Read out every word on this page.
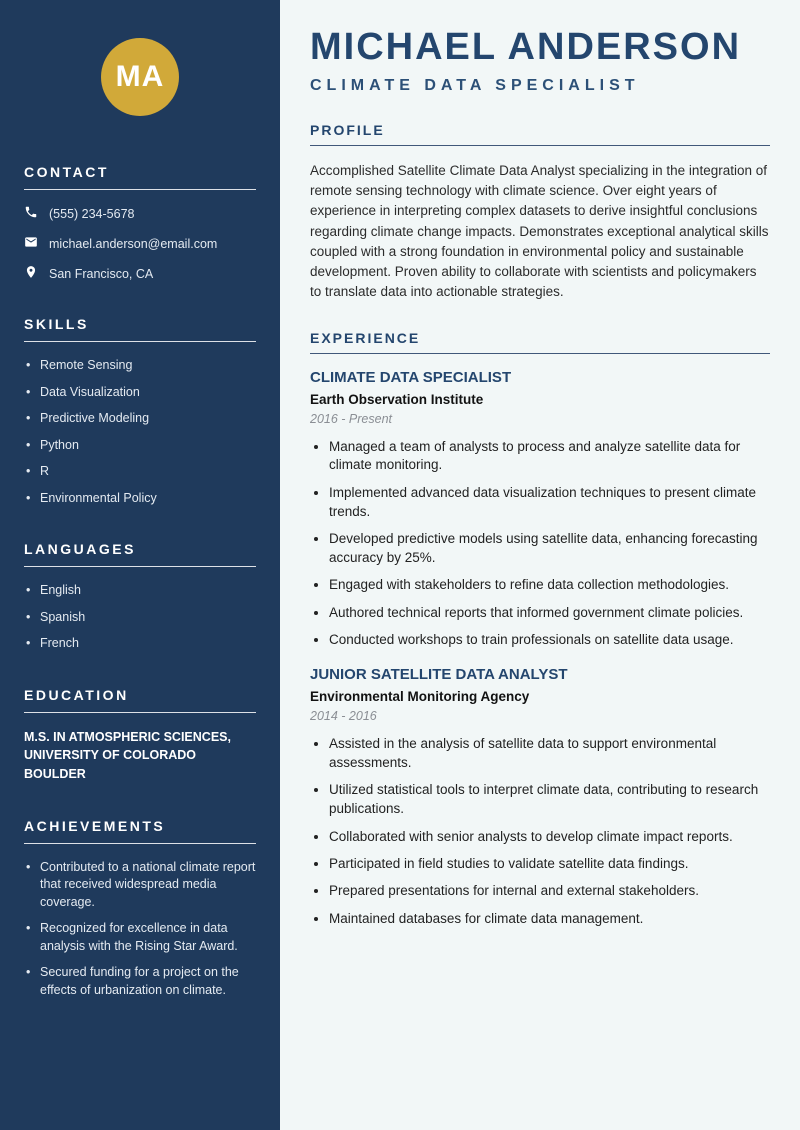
MA
CONTACT
(555) 234-5678
michael.anderson@email.com
San Francisco, CA
SKILLS
• Remote Sensing
• Data Visualization
• Predictive Modeling
• Python
• R
• Environmental Policy
LANGUAGES
• English
• Spanish
• French
EDUCATION
M.S. IN ATMOSPHERIC SCIENCES, UNIVERSITY OF COLORADO BOULDER
ACHIEVEMENTS
• Contributed to a national climate report that received widespread media coverage.
• Recognized for excellence in data analysis with the Rising Star Award.
• Secured funding for a project on the effects of urbanization on climate.
MICHAEL ANDERSON
CLIMATE DATA SPECIALIST
PROFILE

Accomplished Satellite Climate Data Analyst specializing in the integration of remote sensing technology with climate science. Over eight years of experience in interpreting complex datasets to derive insightful conclusions regarding climate change impacts. Demonstrates exceptional analytical skills coupled with a strong foundation in environmental policy and sustainable development. Proven ability to collaborate with scientists and policymakers to translate data into actionable strategies.

EXPERIENCE
CLIMATE DATA SPECIALIST
Earth Observation Institute
2016 - Present
• Managed a team of analysts to process and analyze satellite data for climate monitoring.
• Implemented advanced data visualization techniques to present climate trends.
• Developed predictive models using satellite data, enhancing forecasting accuracy by 25%.
• Engaged with stakeholders to refine data collection methodologies.
• Authored technical reports that informed government climate policies.
• Conducted workshops to train professionals on satellite data usage.
JUNIOR SATELLITE DATA ANALYST
Environmental Monitoring Agency
2014 - 2016
• Assisted in the analysis of satellite data to support environmental assessments.
• Utilized statistical tools to interpret climate data, contributing to research publications.
• Collaborated with senior analysts to develop climate impact reports.
• Participated in field studies to validate satellite data findings.
• Prepared presentations for internal and external stakeholders.
• Maintained databases for climate data management.
